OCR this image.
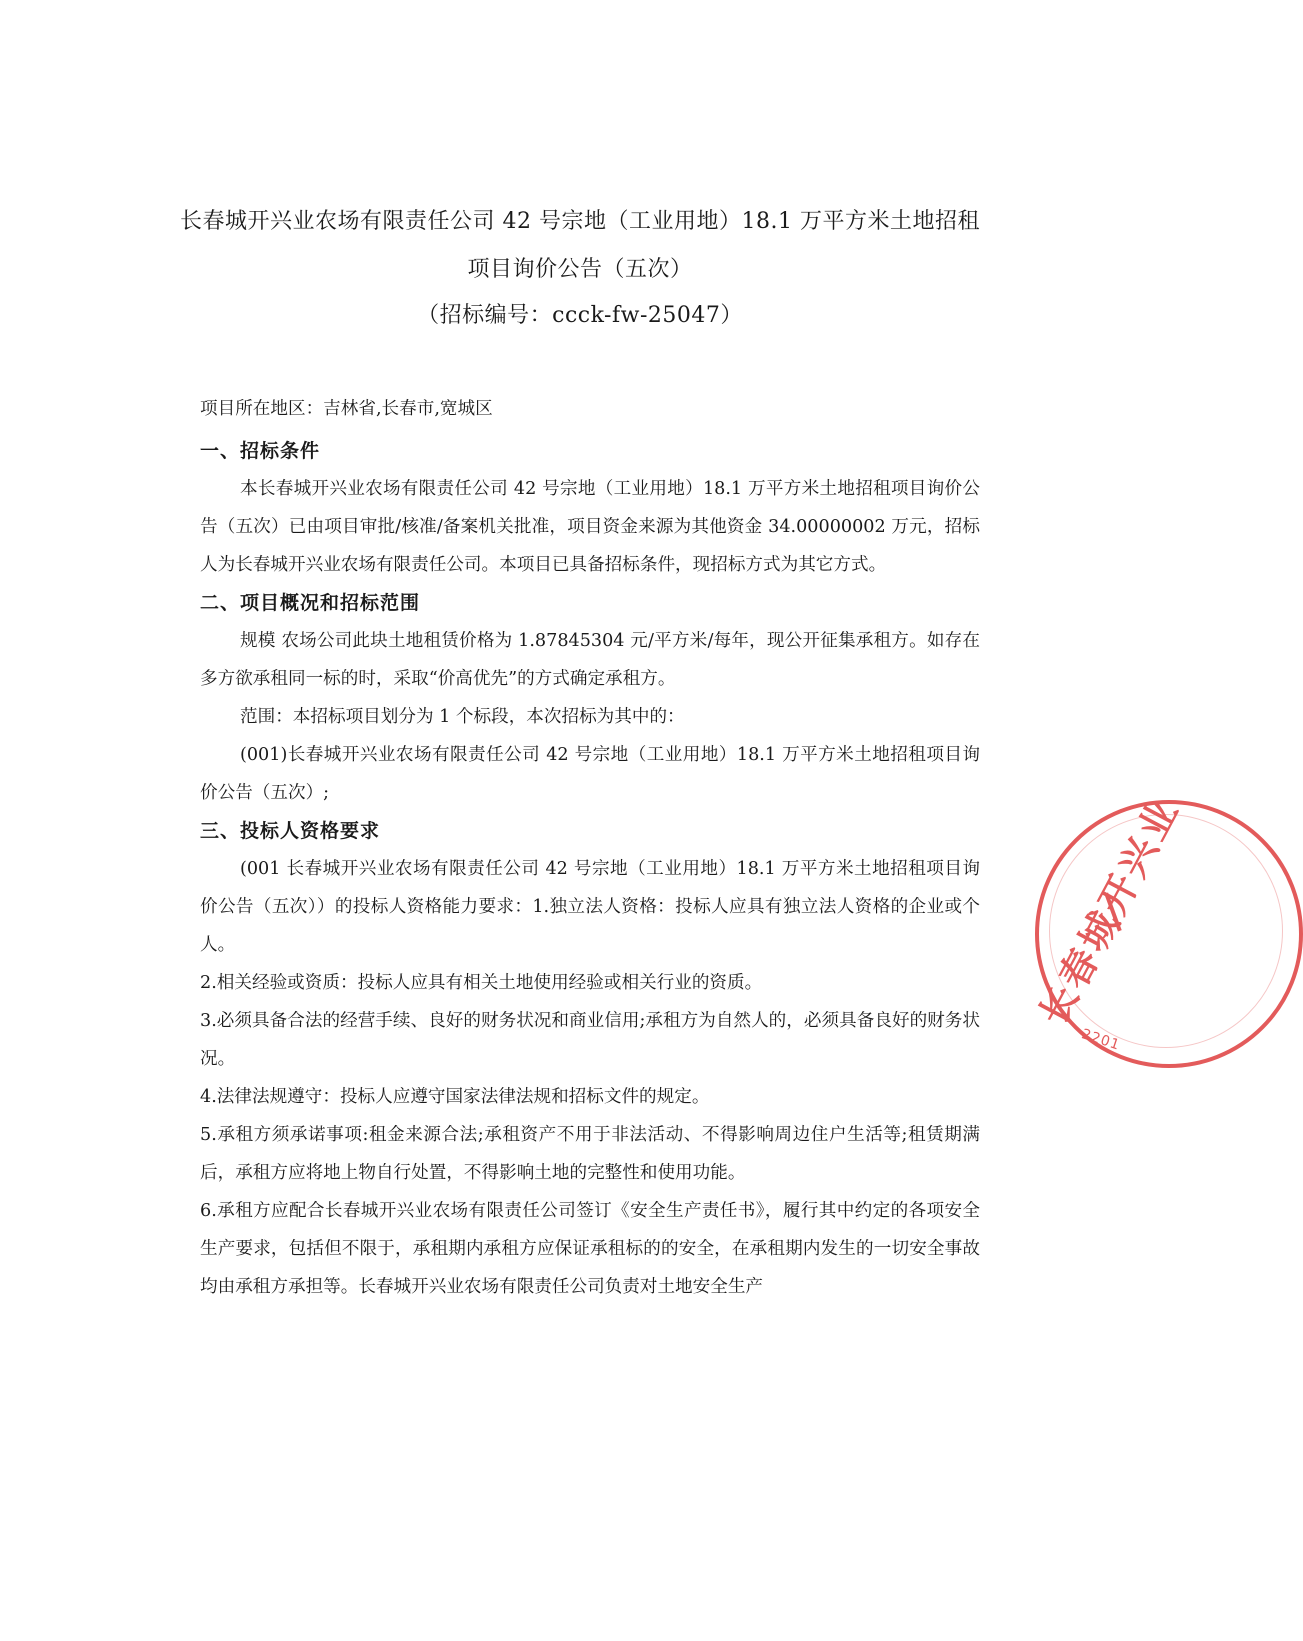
长春城开兴业农场有限责任公司 42 号宗地（工业用地）18.1 万平方米土地招租
项目询价公告（五次）
（招标编号：ccck-fw-25047）

项目所在地区：吉林省,长春市,宽城区

一、招标条件

本长春城开兴业农场有限责任公司 42 号宗地（工业用地）18.1 万平方米土地招租项目询价公告（五次）已由项目审批/核准/备案机关批准，项目资金来源为其他资金 34.00000002 万元，招标人为长春城开兴业农场有限责任公司。本项目已具备招标条件，现招标方式为其它方式。

二、项目概况和招标范围

规模 农场公司此块土地租赁价格为 1.87845304 元/平方米/每年，现公开征集承租方。如存在多方欲承租同一标的时，采取“价高优先”的方式确定承租方。

范围：本招标项目划分为 1 个标段，本次招标为其中的：

(001)长春城开兴业农场有限责任公司 42 号宗地（工业用地）18.1 万平方米土地招租项目询价公告（五次）;

三、投标人资格要求

(001 长春城开兴业农场有限责任公司 42 号宗地（工业用地）18.1 万平方米土地招租项目询价公告（五次））的投标人资格能力要求：1.独立法人资格：投标人应具有独立法人资格的企业或个人。

2.相关经验或资质：投标人应具有相关土地使用经验或相关行业的资质。

3.必须具备合法的经营手续、良好的财务状况和商业信用;承租方为自然人的，必须具备良好的财务状况。

4.法律法规遵守：投标人应遵守国家法律法规和招标文件的规定。

5.承租方须承诺事项:租金来源合法;承租资产不用于非法活动、不得影响周边住户生活等;租赁期满后，承租方应将地上物自行处置，不得影响土地的完整性和使用功能。

6.承租方应配合长春城开兴业农场有限责任公司签订《安全生产责任书》，履行其中约定的各项安全生产要求，包括但不限于，承租期内承租方应保证承租标的的安全，在承租期内发生的一切安全事故均由承租方承担等。长春城开兴业农场有限责任公司负责对土地安全生产

长春城开兴业
2201
